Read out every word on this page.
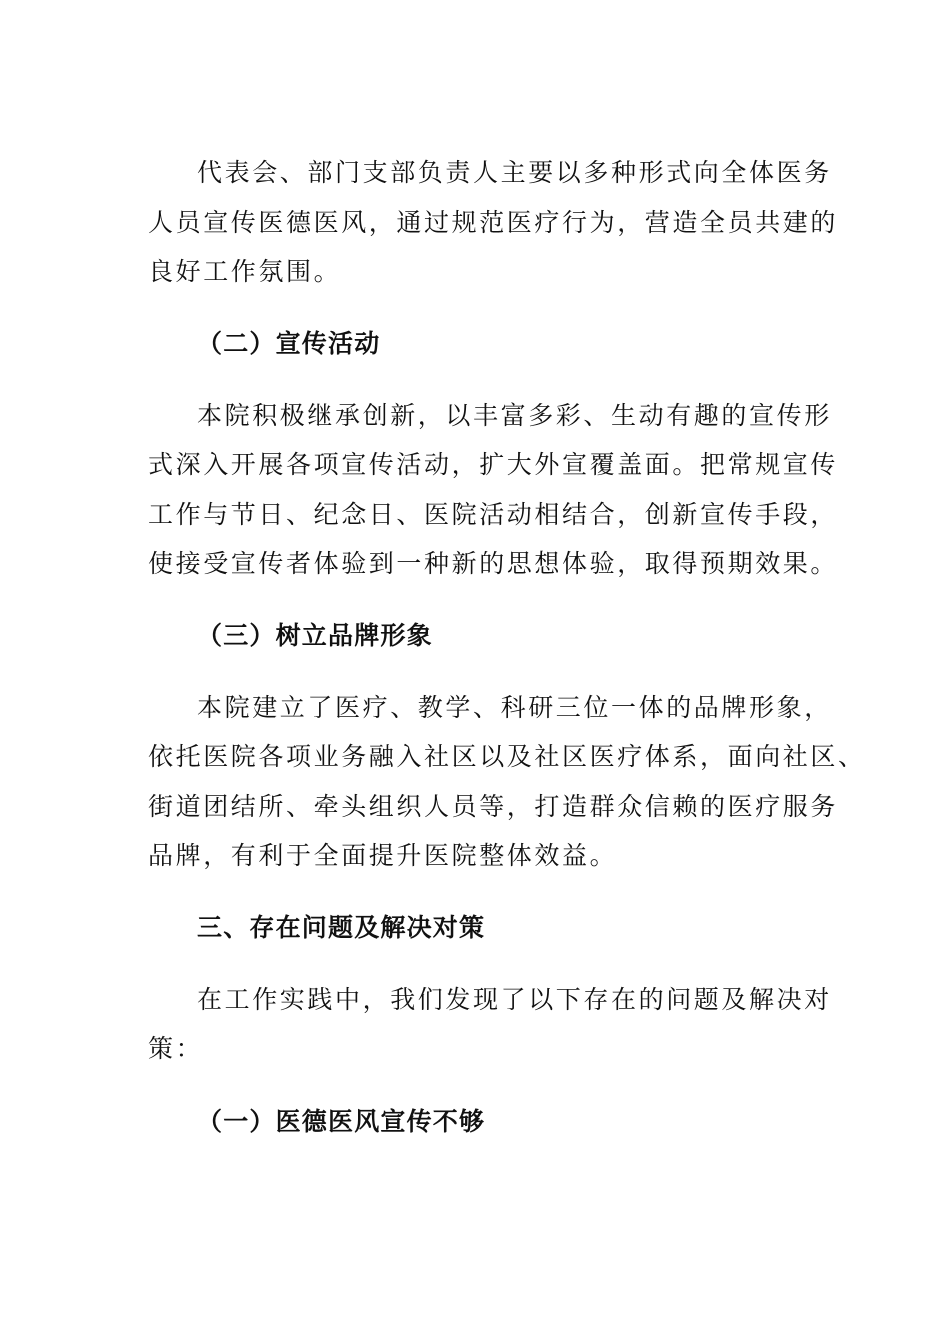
代表会、部门支部负责人主要以多种形式向全体医务
人员宣传医德医风，通过规范医疗行为，营造全员共建的
良好工作氛围。
（二）宣传活动
本院积极继承创新，以丰富多彩、生动有趣的宣传形
式深入开展各项宣传活动，扩大外宣覆盖面。把常规宣传
工作与节日、纪念日、医院活动相结合，创新宣传手段，
使接受宣传者体验到一种新的思想体验，取得预期效果。
（三）树立品牌形象
本院建立了医疗、教学、科研三位一体的品牌形象，
依托医院各项业务融入社区以及社区医疗体系，面向社区、
街道团结所、牵头组织人员等，打造群众信赖的医疗服务
品牌，有利于全面提升医院整体效益。
三、存在问题及解决对策
在工作实践中，我们发现了以下存在的问题及解决对
策：
（一）医德医风宣传不够
